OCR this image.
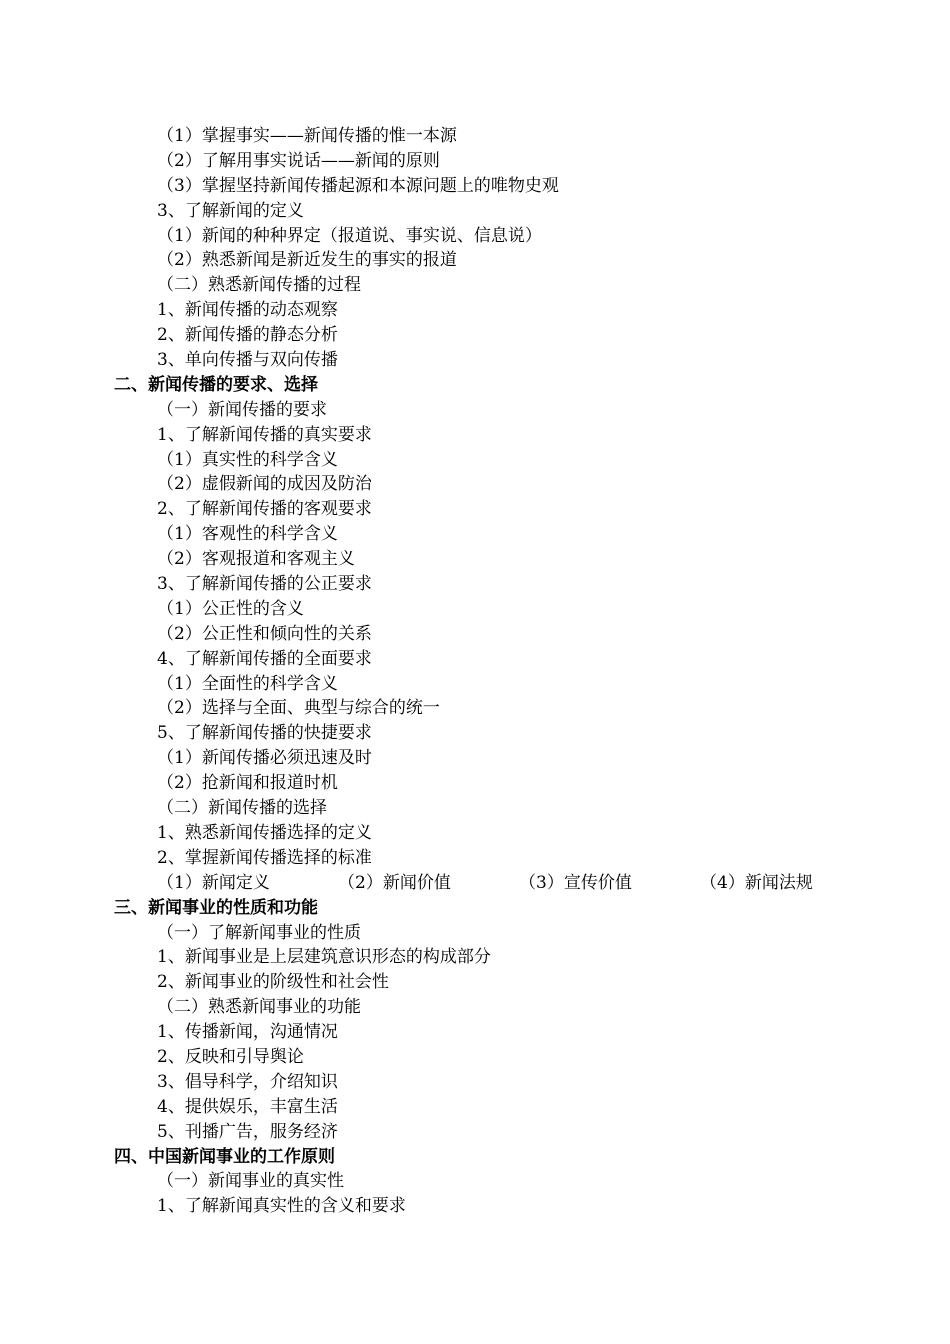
（1）掌握事实——新闻传播的惟一本源
（2）了解用事实说话——新闻的原则
（3）掌握坚持新闻传播起源和本源问题上的唯物史观
3、了解新闻的定义
（1）新闻的种种界定（报道说、事实说、信息说）
（2）熟悉新闻是新近发生的事实的报道
（二）熟悉新闻传播的过程
1、新闻传播的动态观察
2、新闻传播的静态分析
3、单向传播与双向传播
二、新闻传播的要求、选择
（一）新闻传播的要求
1、了解新闻传播的真实要求
（1）真实性的科学含义
（2）虚假新闻的成因及防治
2、了解新闻传播的客观要求
（1）客观性的科学含义
（2）客观报道和客观主义
3、了解新闻传播的公正要求
（1）公正性的含义
（2）公正性和倾向性的关系
4、了解新闻传播的全面要求
（1）全面性的科学含义
（2）选择与全面、典型与综合的统一
5、了解新闻传播的快捷要求
（1）新闻传播必须迅速及时
（2）抢新闻和报道时机
（二）新闻传播的选择
1、熟悉新闻传播选择的定义
2、掌握新闻传播选择的标准
（1）新闻定义	（2）新闻价值	（3）宣传价值	（4）新闻法规
三、新闻事业的性质和功能
（一）了解新闻事业的性质
1、新闻事业是上层建筑意识形态的构成部分
2、新闻事业的阶级性和社会性
（二）熟悉新闻事业的功能
1、传播新闻，沟通情况
2、反映和引导舆论
3、倡导科学，介绍知识
4、提供娱乐，丰富生活
5、刊播广告，服务经济
四、中国新闻事业的工作原则
（一）新闻事业的真实性
1、了解新闻真实性的含义和要求
